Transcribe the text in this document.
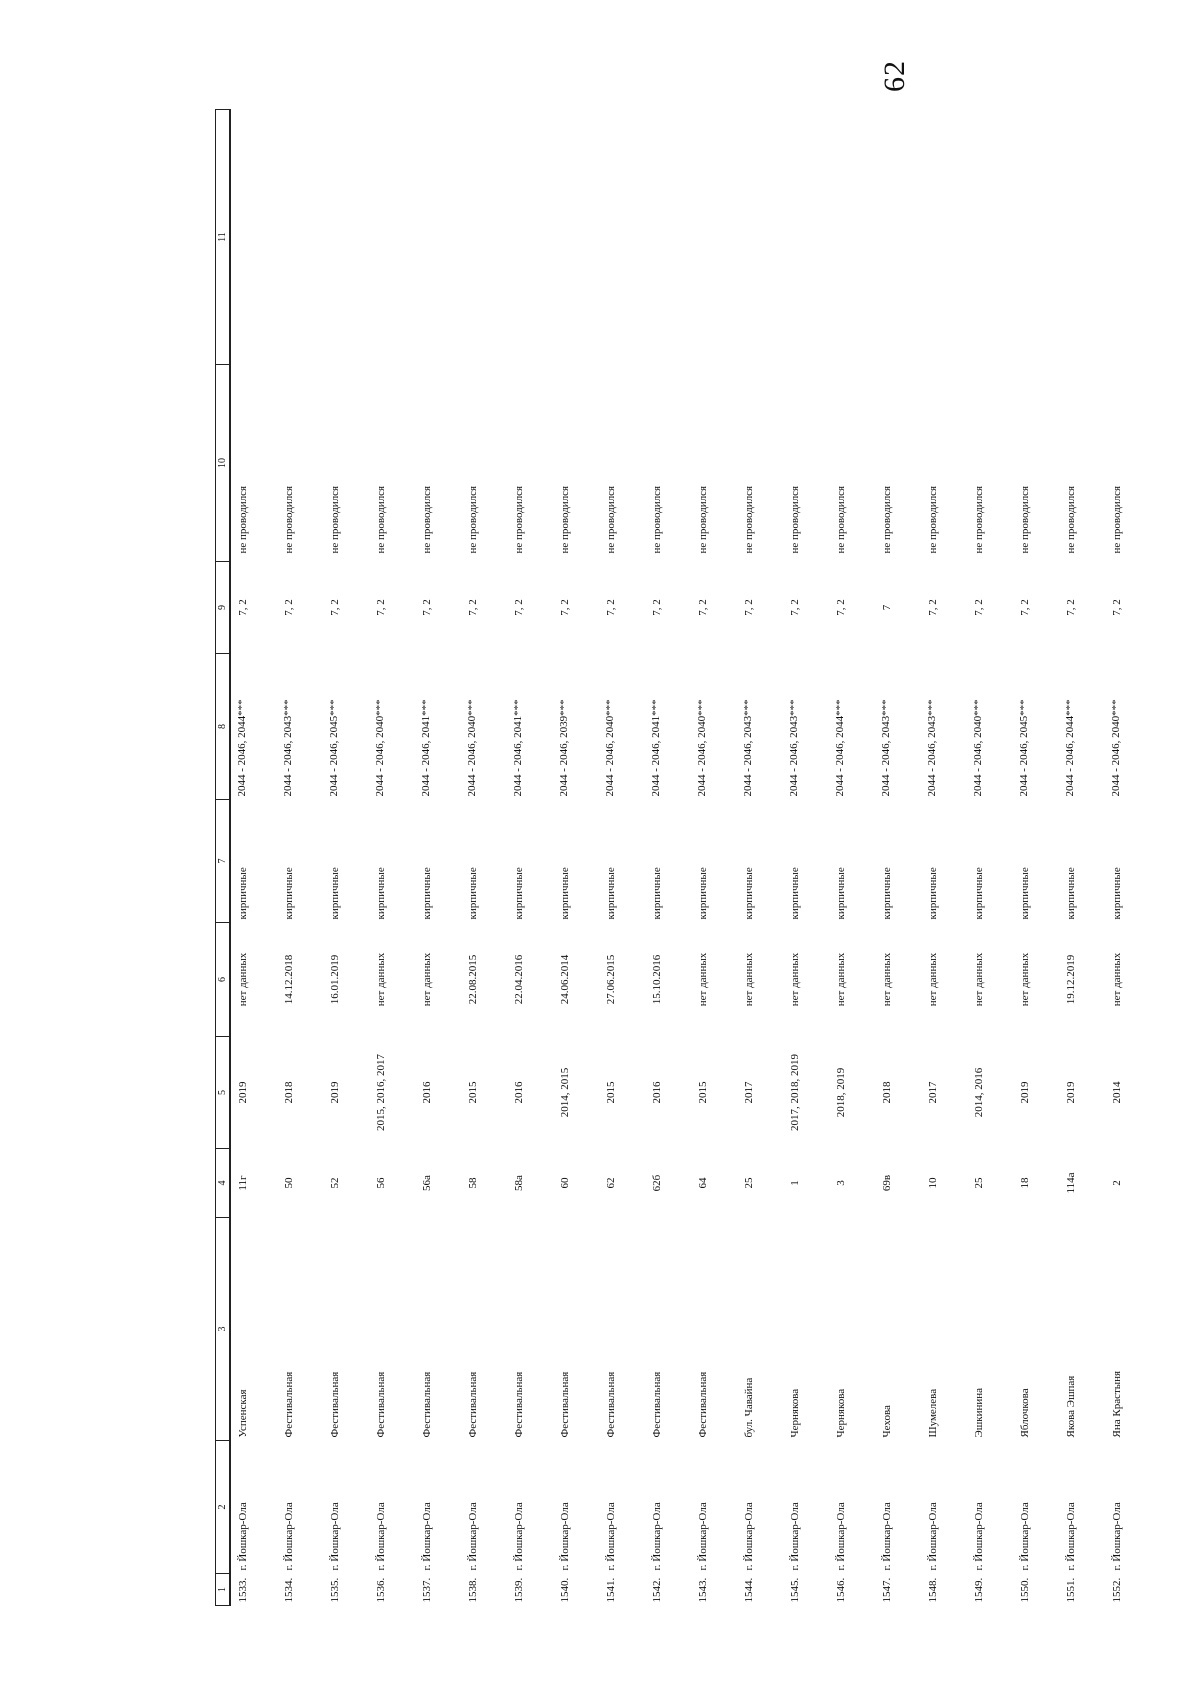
62
1	2	3	4	5	6	7	8	9	10	11
1533.	г. Йошкар-Ола	Успенская	11г	2019	нет данных	кирпичные	2044 - 2046, 2044***	7, 2	не проводился	
1534.	г. Йошкар-Ола	Фестивальная	50	2018	14.12.2018	кирпичные	2044 - 2046, 2043***	7, 2	не проводился	
1535.	г. Йошкар-Ола	Фестивальная	52	2019	16.01.2019	кирпичные	2044 - 2046, 2045***	7, 2	не проводился	
1536.	г. Йошкар-Ола	Фестивальная	56	2015, 2016, 2017	нет данных	кирпичные	2044 - 2046, 2040***	7, 2	не проводился	
1537.	г. Йошкар-Ола	Фестивальная	56а	2016	нет данных	кирпичные	2044 - 2046, 2041***	7, 2	не проводился	
1538.	г. Йошкар-Ола	Фестивальная	58	2015	22.08.2015	кирпичные	2044 - 2046, 2040***	7, 2	не проводился	
1539.	г. Йошкар-Ола	Фестивальная	58а	2016	22.04.2016	кирпичные	2044 - 2046, 2041***	7, 2	не проводился	
1540.	г. Йошкар-Ола	Фестивальная	60	2014, 2015	24.06.2014	кирпичные	2044 - 2046, 2039***	7, 2	не проводился	
1541.	г. Йошкар-Ола	Фестивальная	62	2015	27.06.2015	кирпичные	2044 - 2046, 2040***	7, 2	не проводился	
1542.	г. Йошкар-Ола	Фестивальная	62б	2016	15.10.2016	кирпичные	2044 - 2046, 2041***	7, 2	не проводился	
1543.	г. Йошкар-Ола	Фестивальная	64	2015	нет данных	кирпичные	2044 - 2046, 2040***	7, 2	не проводился	
1544.	г. Йошкар-Ола	бул. Чавайна	25	2017	нет данных	кирпичные	2044 - 2046, 2043***	7, 2	не проводился	
1545.	г. Йошкар-Ола	Чернякова	1	2017, 2018, 2019	нет данных	кирпичные	2044 - 2046, 2043***	7, 2	не проводился	
1546.	г. Йошкар-Ола	Чернякова	3	2018, 2019	нет данных	кирпичные	2044 - 2046, 2044***	7, 2	не проводился	
1547.	г. Йошкар-Ола	Чехова	69в	2018	нет данных	кирпичные	2044 - 2046, 2043***	7	не проводился	
1548.	г. Йошкар-Ола	Шумелева	10	2017	нет данных	кирпичные	2044 - 2046, 2043***	7, 2	не проводился	
1549.	г. Йошкар-Ола	Эшкинина	25	2014, 2016	нет данных	кирпичные	2044 - 2046, 2040***	7, 2	не проводился	
1550.	г. Йошкар-Ола	Яблочкова	18	2019	нет данных	кирпичные	2044 - 2046, 2045***	7, 2	не проводился	
1551.	г. Йошкар-Ола	Якова Эшпая	114а	2019	19.12.2019	кирпичные	2044 - 2046, 2044***	7, 2	не проводился	
1552.	г. Йошкар-Ола	Яна Крастыня	2	2014	нет данных	кирпичные	2044 - 2046, 2040***	7, 2	не проводился	
